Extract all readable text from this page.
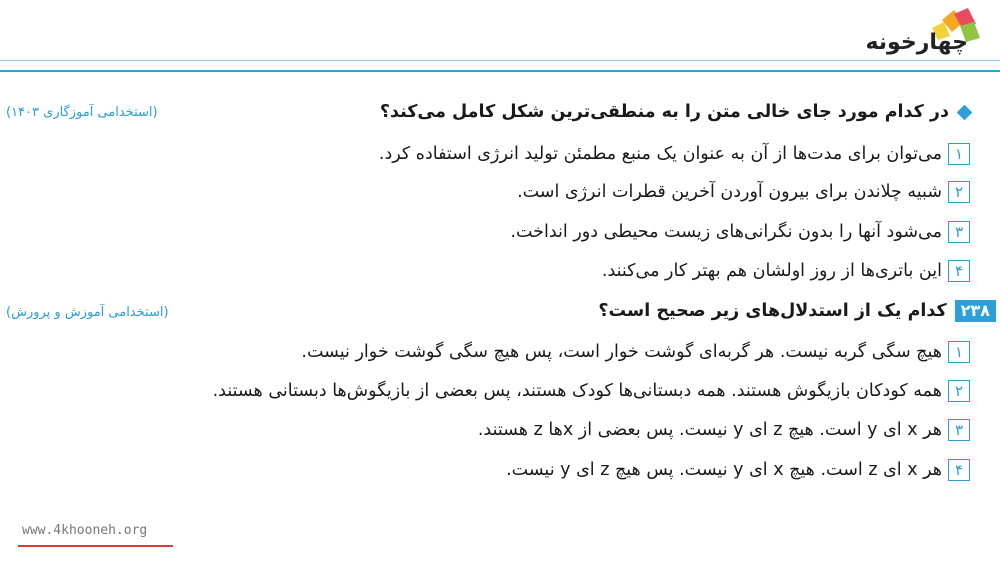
چهارخونه
در کدام مورد جای خالی متن را به منطقی‌ترین شکل کامل می‌کند؟
(استخدامی آموزگاری ۱۴۰۳)
۱می‌توان برای مدت‌ها از آن به عنوان یک منبع مطمئن تولید انرژی استفاده کرد.
۲شبیه چلاندن برای بیرون آوردن آخرین قطرات انرژی است.
۳می‌شود آنها را بدون نگرانی‌های زیست محیطی دور انداخت.
۴این باتری‌ها از روز اولشان هم بهتر کار می‌کنند.
۲۳۸کدام یک از استدلال‌های زیر صحیح است؟
(استخدامی آموزش و پرورش)
۱هیچ سگی گربه نیست. هر گربه‌ای گوشت خوار است، پس هیچ سگی گوشت خوار نیست.
۲همه کودکان بازیگوش هستند. همه دبستانی‌ها کودک هستند، پس بعضی از بازیگوش‌ها دبستانی هستند.
۳هر x ای y است. هیچ z ای y نیست. پس بعضی از xها z هستند.
۴هر x ای z است. هیچ x ای y نیست. پس هیچ z ای y نیست.
www.4khooneh.org
